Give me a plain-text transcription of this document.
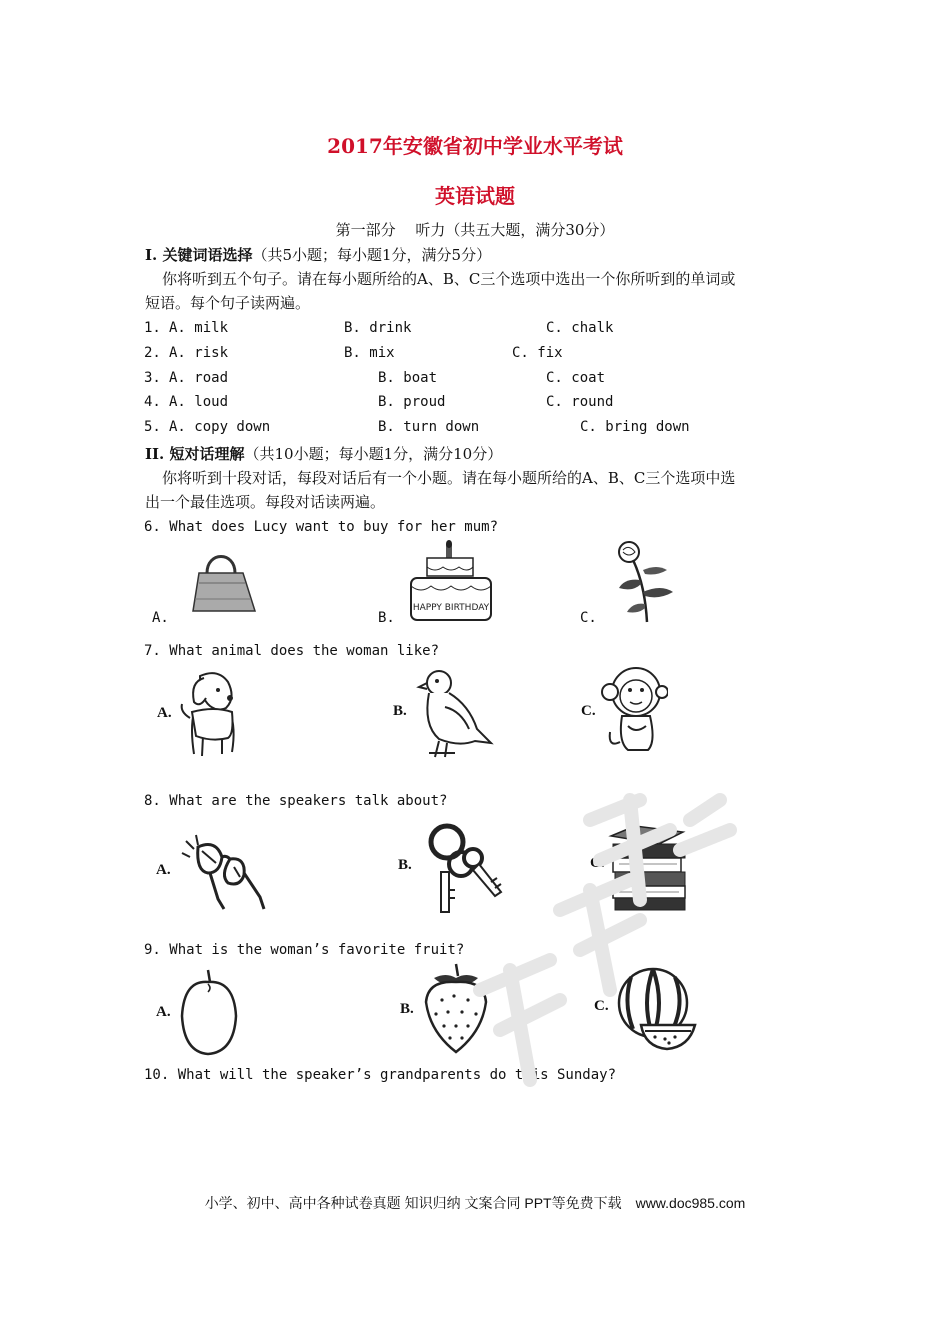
2017年安徽省初中学业水平考试
英语试题
第一部分　 听力（共五大题，满分30分）
I. 关键词语选择（共5小题；每小题1分，满分5分）
你将听到五个句子。请在每小题所给的A、B、C三个选项中选出一个你所听到的单词或
短语。每个句子读两遍。
1. A. milk	B. drink	C. chalk
2. A. risk	B. mix	C. fix
3. A. road	B. boat	C. coat
4. A. loud	B. proud	C. round
5. A. copy down	B. turn down	C. bring down
II. 短对话理解（共10小题；每小题1分，满分10分）
你将听到十段对话，每段对话后有一个小题。请在每小题所给的A、B、C三个选项中选
出一个最佳选项。每段对话读两遍。
6. What does Lucy want to buy for her mum?
A.	B.	C.
HAPPY BIRTHDAY
7. What animal does the woman like?
A.	B.	C.
8. What are the speakers talk about?
A.	B.	C.
9. What is the woman’s favorite fruit?
A.	B.	C.
10. What will the speaker’s grandparents do this Sunday?
小学、初中、高中各种试卷真题 知识归纳 文案合同 PPT等免费下载　www.doc985.com
